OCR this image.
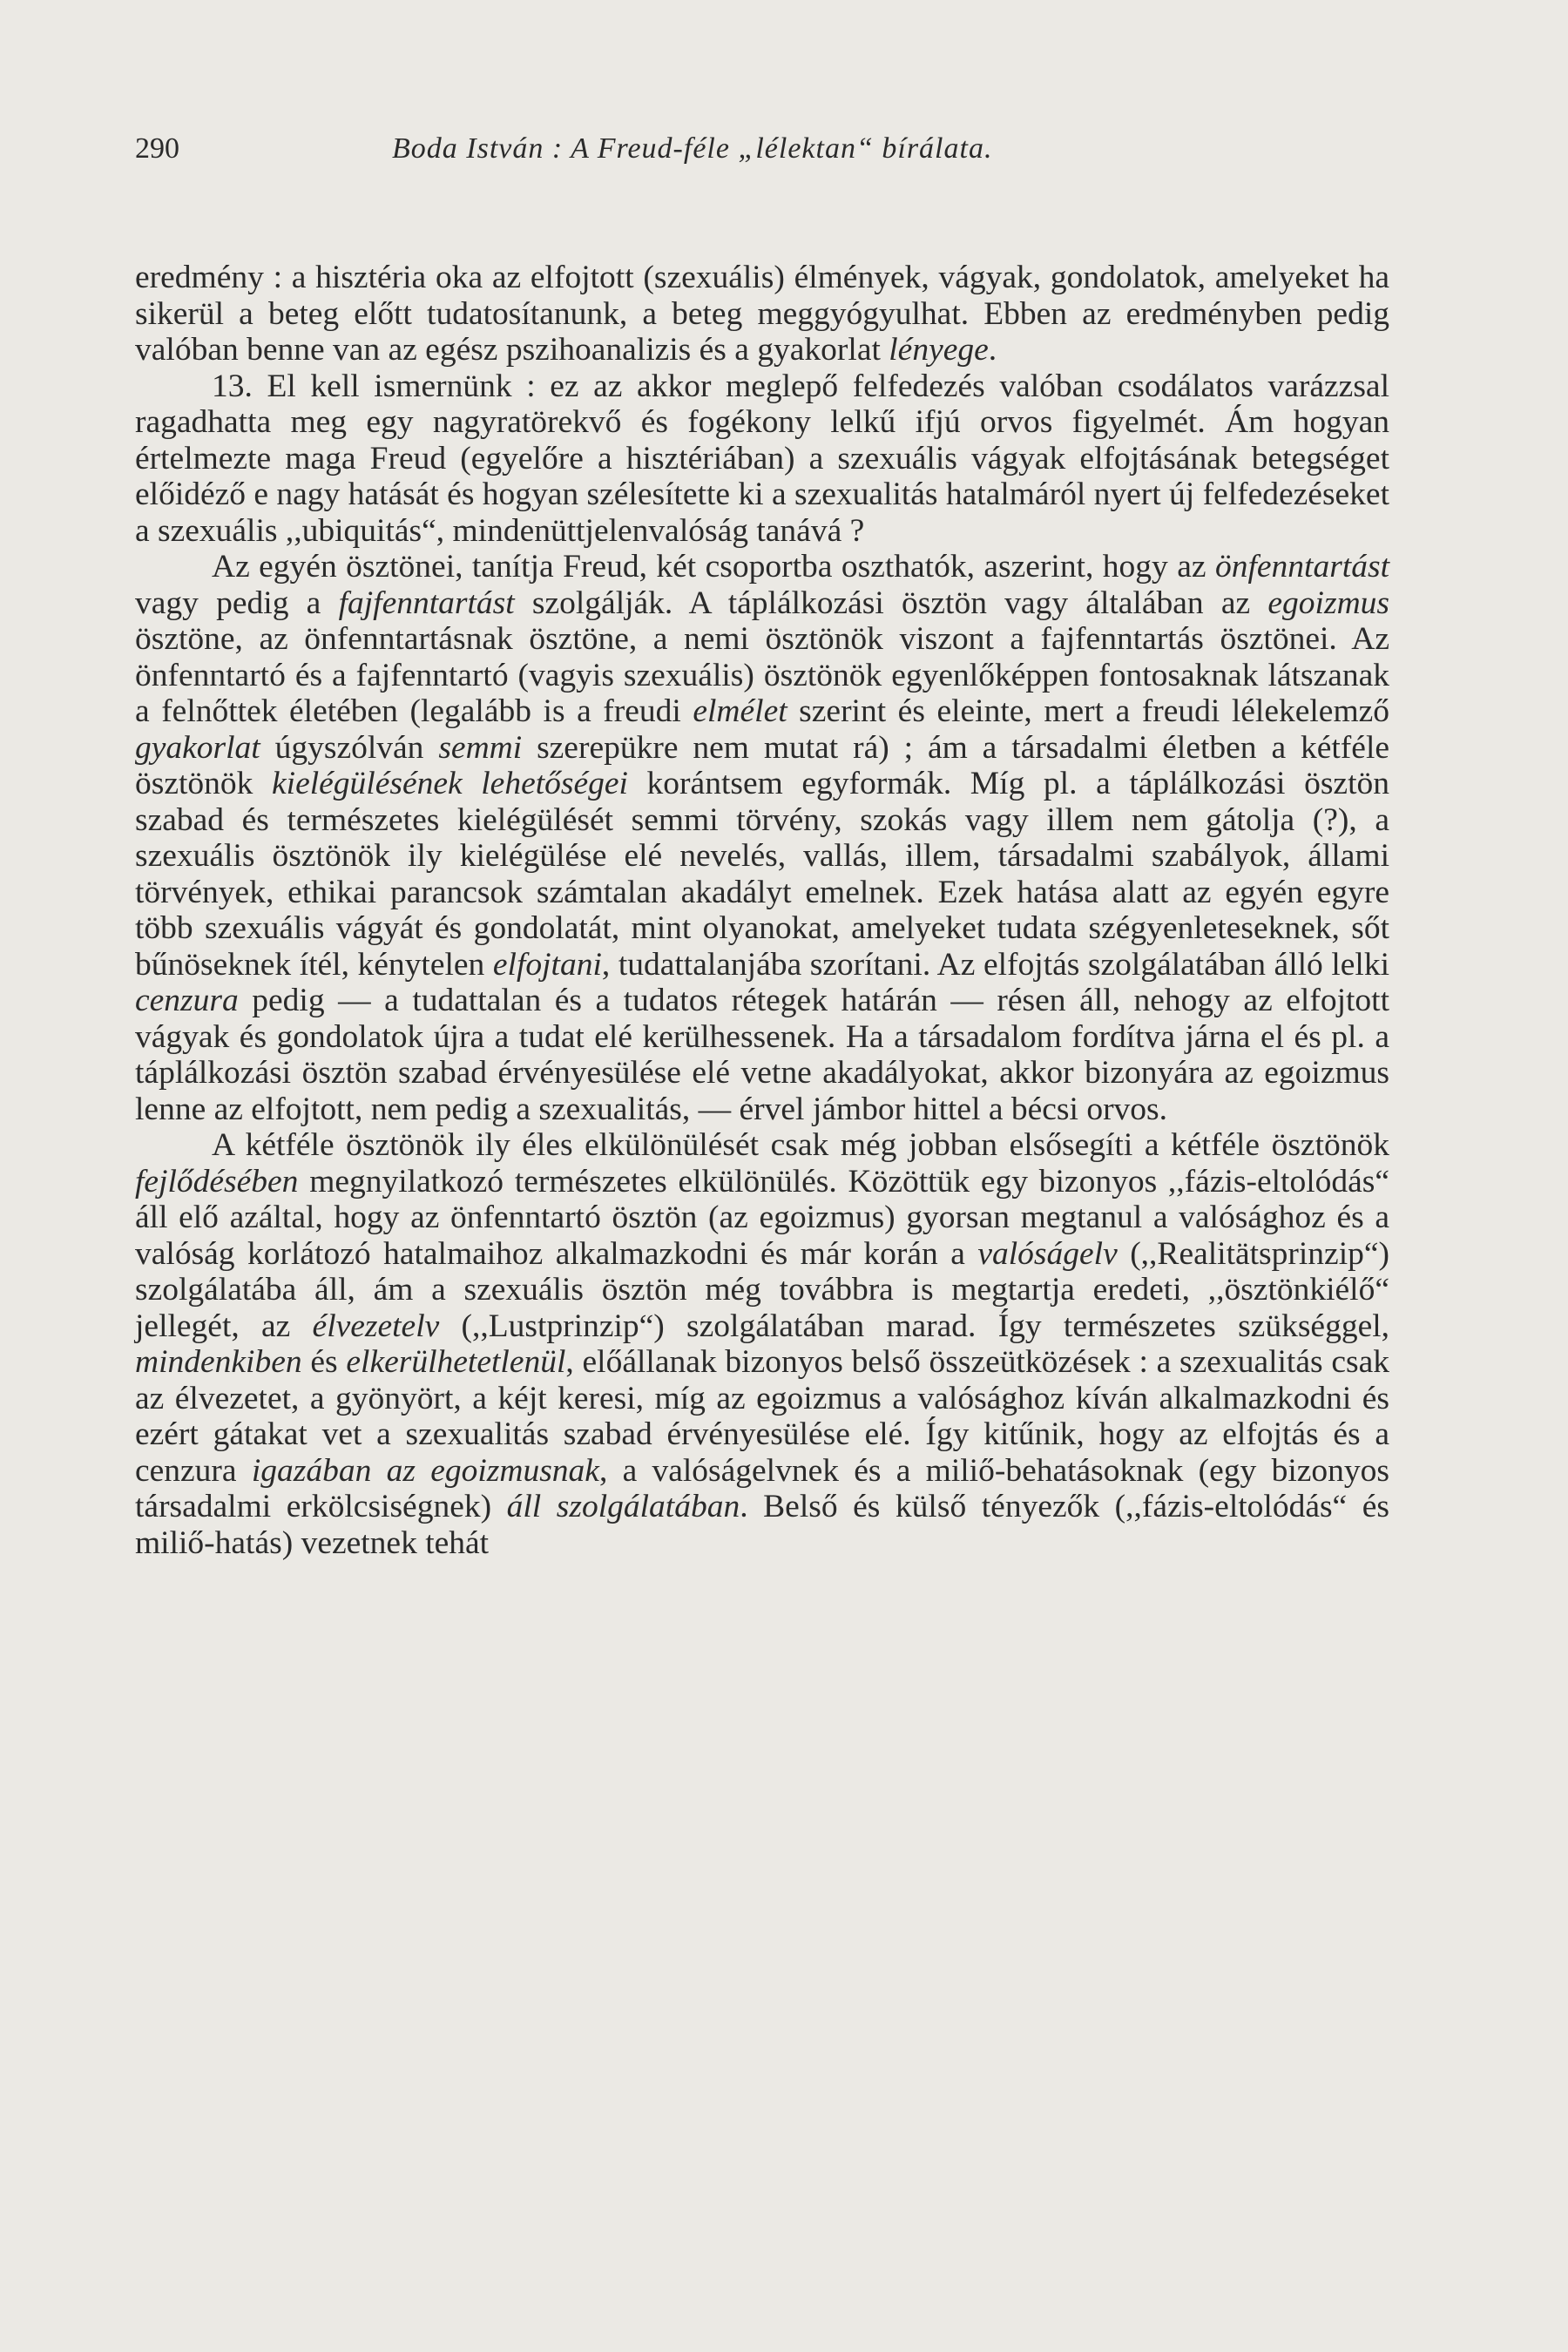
290	Boda István : A Freud-féle „lélektan“ bírálata.

eredmény : a hisztéria oka az elfojtott (szexuális) élmények, vágyak, gondolatok, amelyeket ha sikerül a beteg előtt tudatosítanunk, a beteg meggyógyulhat. Ebben az eredményben pedig valóban benne van az egész pszihoanalizis és a gyakorlat lényege.

13. El kell ismernünk : ez az akkor meglepő felfedezés valóban csodálatos varázzsal ragadhatta meg egy nagyratörekvő és fogékony lelkű ifjú orvos figyelmét. Ám hogyan értelmezte maga Freud (egyelőre a hisztériában) a szexuális vágyak elfojtásának betegséget előidéző e nagy hatását és hogyan szélesítette ki a szexualitás hatalmáról nyert új felfedezéseket a szexuális ,,ubiquitás“, mindenüttjelenvalóság tanává ?

Az egyén ösztönei, tanítja Freud, két csoportba oszthatók, aszerint, hogy az önfenntartást vagy pedig a fajfenntartást szolgálják. A táplálkozási ösztön vagy általában az egoizmus ösztöne, az önfenntartásnak ösztöne, a nemi ösztönök viszont a fajfenntartás ösztönei. Az önfenntartó és a fajfenntartó (vagyis szexuális) ösztönök egyenlőképpen fontosaknak látszanak a felnőttek életében (legalább is a freudi elmélet szerint és eleinte, mert a freudi lélekelemző gyakorlat úgyszólván semmi szerepükre nem mutat rá) ; ám a társadalmi életben a kétféle ösztönök kielégülésének lehetőségei korántsem egyformák. Míg pl. a táplálkozási ösztön szabad és természetes kielégülését semmi törvény, szokás vagy illem nem gátolja (?), a szexuális ösztönök ily kielégülése elé nevelés, vallás, illem, társadalmi szabályok, állami törvények, ethikai parancsok számtalan akadályt emelnek. Ezek hatása alatt az egyén egyre több szexuális vágyát és gondolatát, mint olyanokat, amelyeket tudata szégyenleteseknek, sőt bűnöseknek ítél, kénytelen elfojtani, tudattalanjába szorítani. Az elfojtás szolgálatában álló lelki cenzura pedig — a tudattalan és a tudatos rétegek határán — résen áll, nehogy az elfojtott vágyak és gondolatok újra a tudat elé kerülhessenek. Ha a társadalom fordítva járna el és pl. a táplálkozási ösztön szabad érvényesülése elé vetne akadályokat, akkor bizonyára az egoizmus lenne az elfojtott, nem pedig a szexualitás, — érvel jámbor hittel a bécsi orvos.

A kétféle ösztönök ily éles elkülönülését csak még jobban elsősegíti a kétféle ösztönök fejlődésében megnyilatkozó természetes elkülönülés. Közöttük egy bizonyos ,,fázis-eltolódás“ áll elő azáltal, hogy az önfenntartó ösztön (az egoizmus) gyorsan megtanul a valósághoz és a valóság korlátozó hatalmaihoz alkalmazkodni és már korán a valóságelv (,,Realitätsprinzip“) szolgálatába áll, ám a szexuális ösztön még továbbra is megtartja eredeti, ,,ösztönkiélő“ jellegét, az élvezetelv (,,Lustprinzip“) szolgálatában marad. Így természetes szükséggel, mindenkiben és elkerülhetetlenül, előállanak bizonyos belső összeütközések : a szexualitás csak az élvezetet, a gyönyört, a kéjt keresi, míg az egoizmus a valósághoz kíván alkalmazkodni és ezért gátakat vet a szexualitás szabad érvényesülése elé. Így kitűnik, hogy az elfojtás és a cenzura igazában az egoizmusnak, a valóságelvnek és a miliő-behatásoknak (egy bizonyos társadalmi erkölcsiségnek) áll szolgálatában. Belső és külső tényezők (,,fázis-eltolódás“ és miliő-hatás) vezetnek tehát
